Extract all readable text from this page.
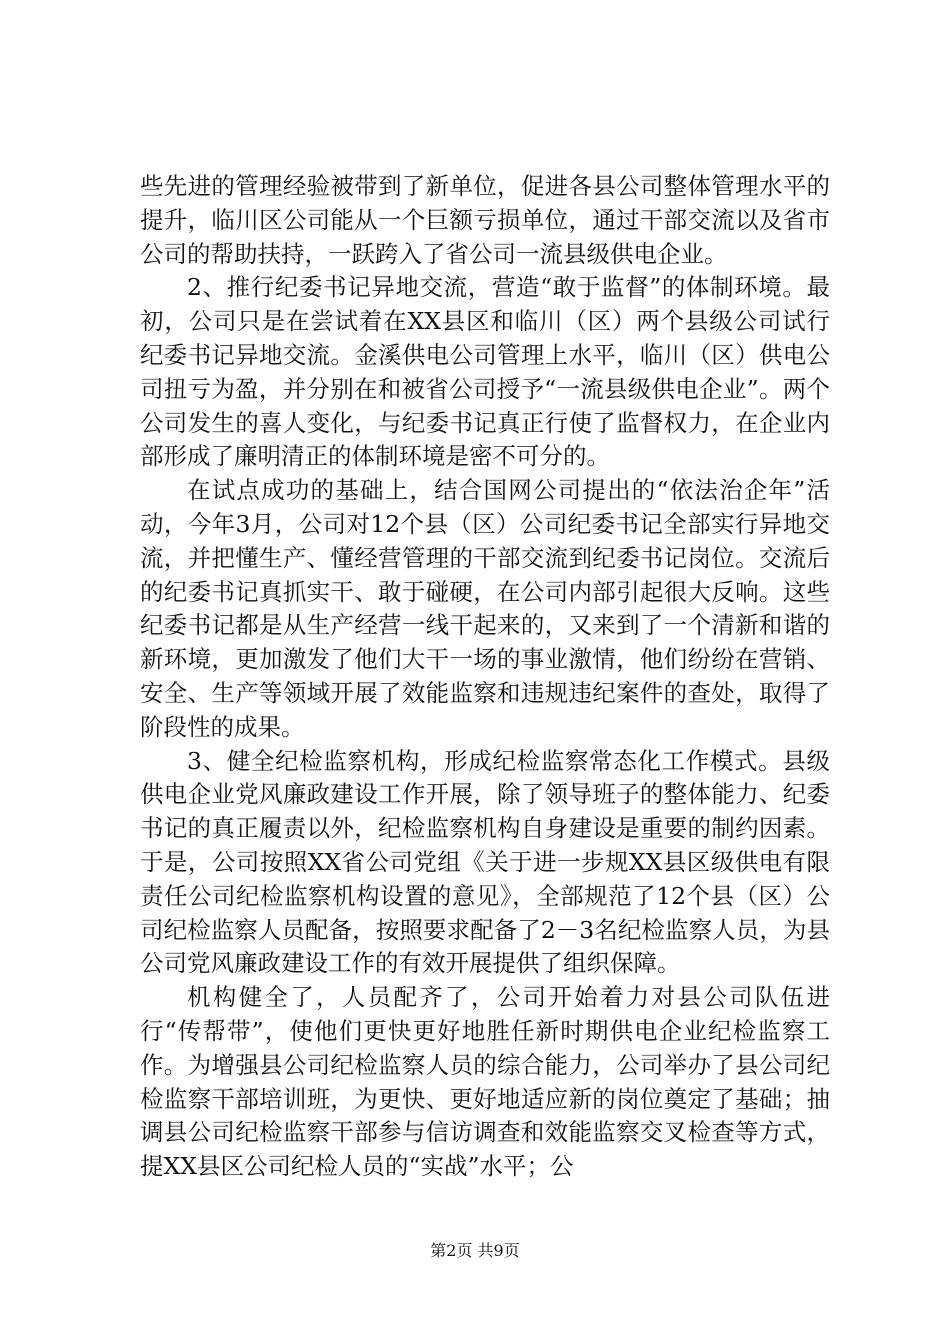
些先进的管理经验被带到了新单位，促进各县公司整体管理水平的提升，临川区公司能从一个巨额亏损单位，通过干部交流以及省市公司的帮助扶持，一跃跨入了省公司一流县级供电企业。

2、推行纪委书记异地交流，营造“敢于监督”的体制环境。最初，公司只是在尝试着在XX县区和临川（区）两个县级公司试行纪委书记异地交流。金溪供电公司管理上水平，临川（区）供电公司扭亏为盈，并分别在和被省公司授予“一流县级供电企业”。两个公司发生的喜人变化，与纪委书记真正行使了监督权力，在企业内部形成了廉明清正的体制环境是密不可分的。

在试点成功的基础上，结合国网公司提出的“依法治企年”活动，今年3月，公司对12个县（区）公司纪委书记全部实行异地交流，并把懂生产、懂经营管理的干部交流到纪委书记岗位。交流后的纪委书记真抓实干、敢于碰硬，在公司内部引起很大反响。这些纪委书记都是从生产经营一线干起来的，又来到了一个清新和谐的新环境，更加激发了他们大干一场的事业激情，他们纷纷在营销、安全、生产等领域开展了效能监察和违规违纪案件的查处，取得了阶段性的成果。

3、健全纪检监察机构，形成纪检监察常态化工作模式。县级供电企业党风廉政建设工作开展，除了领导班子的整体能力、纪委书记的真正履责以外，纪检监察机构自身建设是重要的制约因素。于是，公司按照XX省公司党组《关于进一步规XX县区级供电有限责任公司纪检监察机构设置的意见》，全部规范了12个县（区）公司纪检监察人员配备，按照要求配备了2－3名纪检监察人员，为县公司党风廉政建设工作的有效开展提供了组织保障。

机构健全了，人员配齐了，公司开始着力对县公司队伍进行“传帮带”，使他们更快更好地胜任新时期供电企业纪检监察工作。为增强县公司纪检监察人员的综合能力，公司举办了县公司纪检监察干部培训班，为更快、更好地适应新的岗位奠定了基础；抽调县公司纪检监察干部参与信访调查和效能监察交叉检查等方式，提XX县区公司纪检人员的“实战”水平；公

第2页 共9页
